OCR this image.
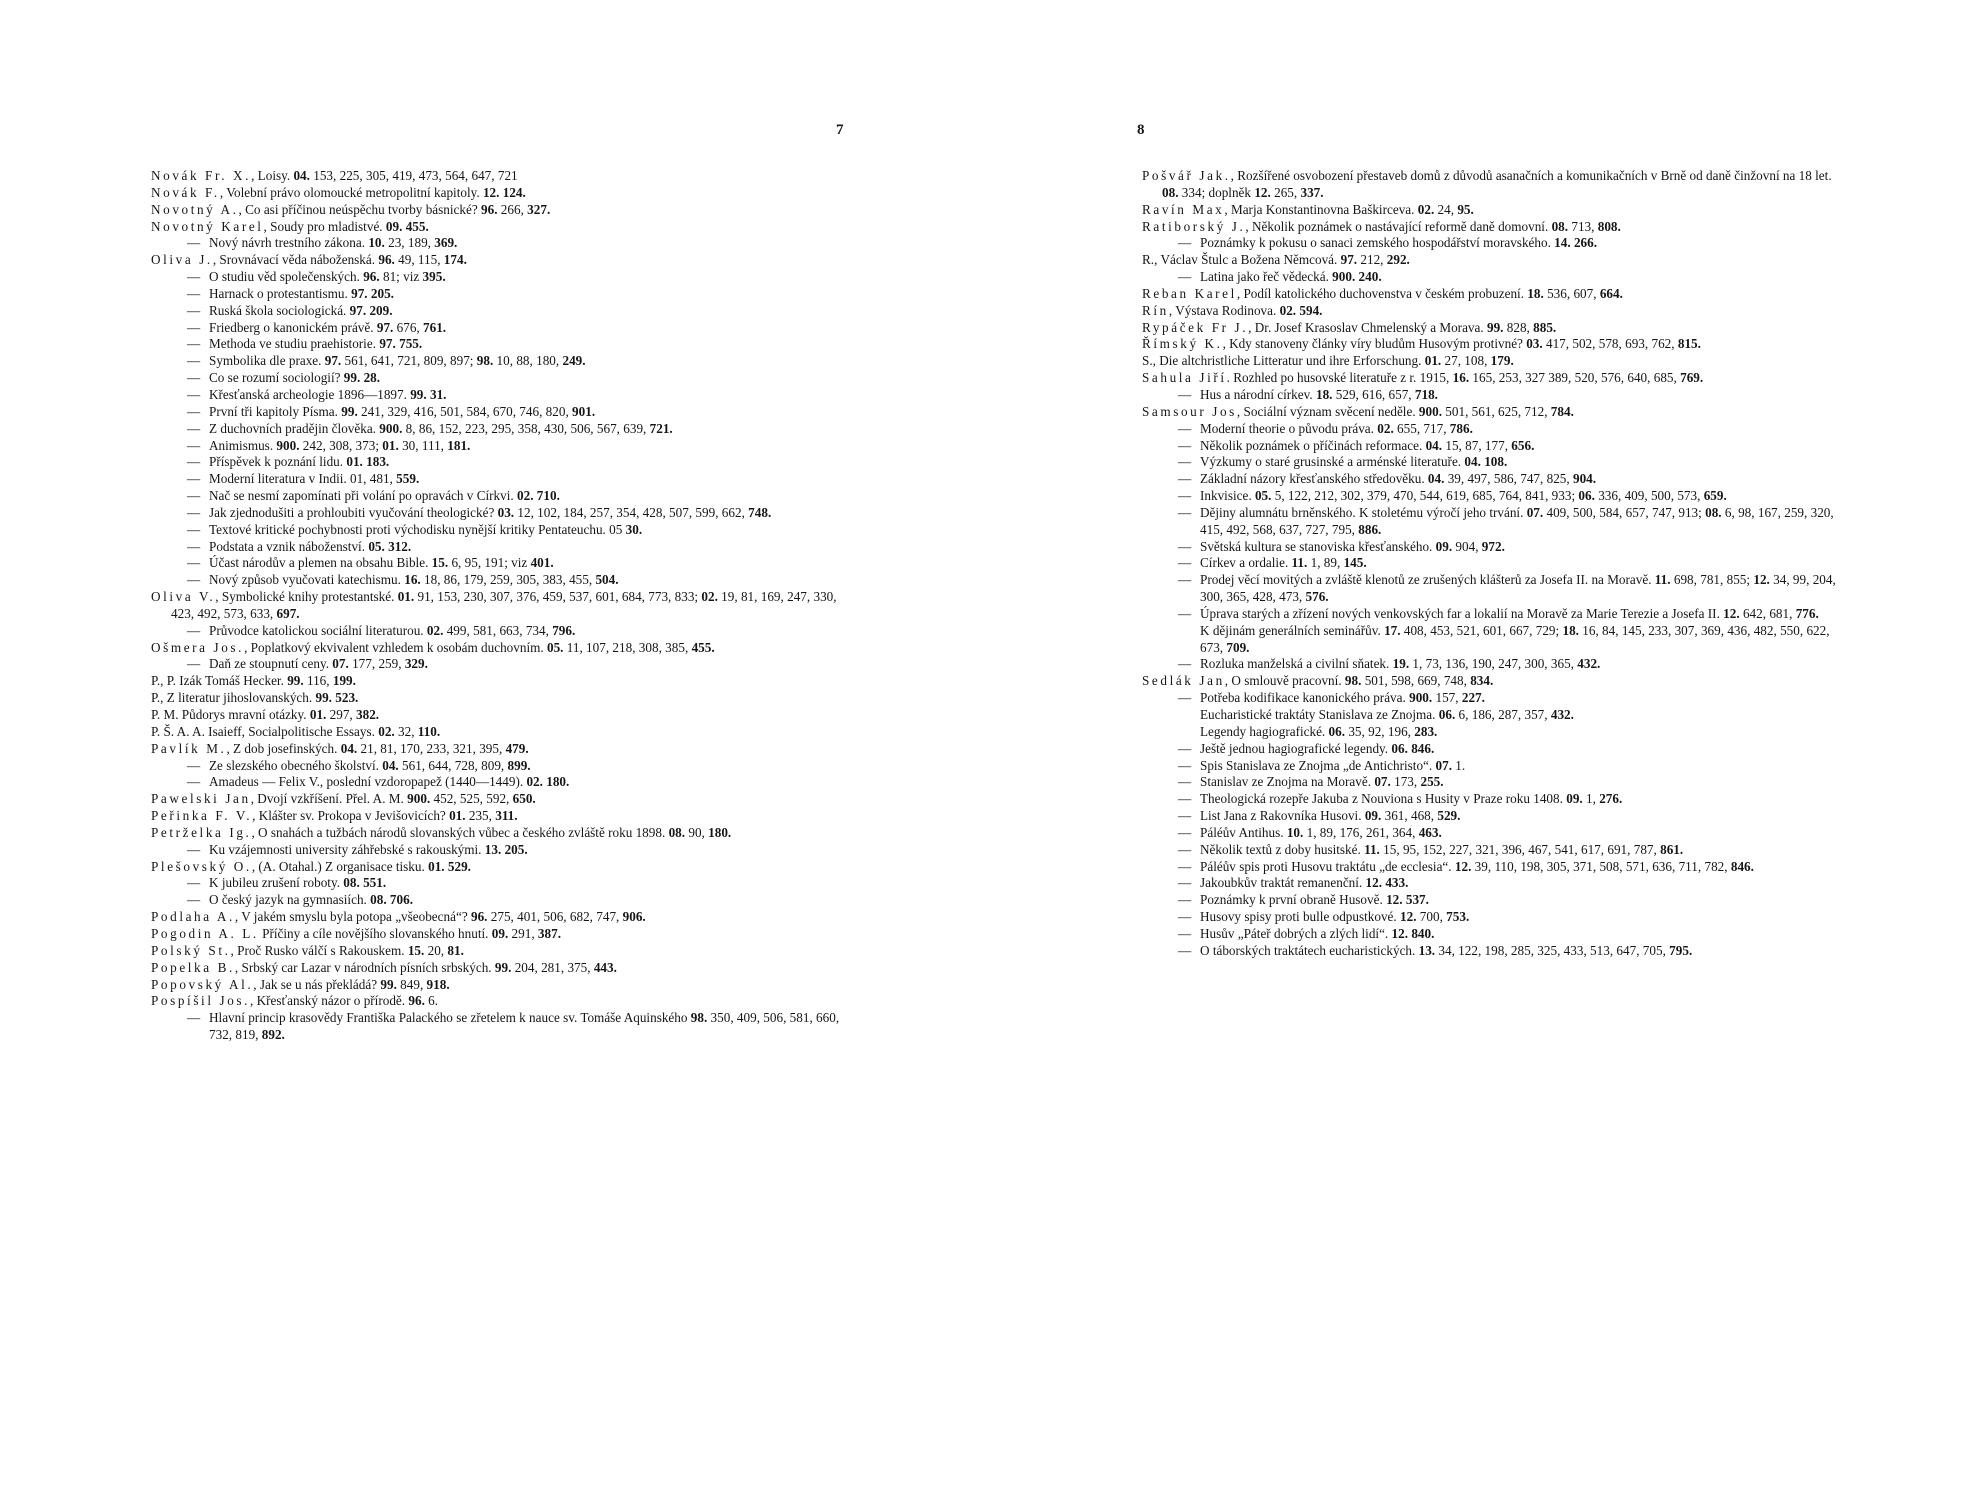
7

Novák Fr. X., Loisy. 04. 153, 225, 305, 419, 473, 564, 647, 721

Novák F., Volební právo olomoucké metropolitní kapitoly. 12. 124.

Novotný A., Co asi příčinou neúspěchu tvorby básnické? 96. 266, 327.

Novotný Karel, Soudy pro mladistvé. 09. 455.

— Nový návrh trestního zákona. 10. 23, 189, 369.

Oliva J., Srovnávací věda náboženská. 96. 49, 115, 174.

— O studiu věd společenských. 96. 81; viz 395.

— Harnack o protestantismu. 97. 205.

— Ruská škola sociologická. 97. 209.

— Friedberg o kanonickém právě. 97. 676, 761.

— Methoda ve studiu praehistorie. 97. 755.

— Symbolika dle praxe. 97. 561, 641, 721, 809, 897; 98. 10, 88, 180, 249.

— Co se rozumí sociologií? 99. 28.

— Křesťanská archeologie 1896—1897. 99. 31.

— První tři kapitoly Písma. 99. 241, 329, 416, 501, 584, 670, 746, 820, 901.

— Z duchovních pradějin člověka. 900. 8, 86, 152, 223, 295, 358, 430, 506, 567, 639, 721.

— Animismus. 900. 242, 308, 373; 01. 30, 111, 181.

— Příspěvek k poznání lidu. 01. 183.

— Moderní literatura v Indii. 01, 481, 559.

— Nač se nesmí zapomínati při volání po opravách v Církvi. 02. 710.

— Jak zjednodušiti a prohloubiti vyučování theologické? 03. 12, 102, 184, 257, 354, 428, 507, 599, 662, 748.

— Textové kritické pochybnosti proti východisku nynější kritiky Pentateuchu. 05 30.

— Podstata a vznik náboženství. 05. 312.

— Účast národův a plemen na obsahu Bible. 15. 6, 95, 191; viz 401.

— Nový způsob vyučovati katechismu. 16. 18, 86, 179, 259, 305, 383, 455, 504.

Oliva V., Symbolické knihy protestantské. 01. 91, 153, 230, 307, 376, 459, 537, 601, 684, 773, 833; 02. 19, 81, 169, 247, 330, 423, 492, 573, 633, 697.

— Průvodce katolickou sociální literaturou. 02. 499, 581, 663, 734, 796.

Ošmera Jos., Poplatkový ekvivalent vzhledem k osobám duchovním. 05. 11, 107, 218, 308, 385, 455.

— Daň ze stoupnutí ceny. 07. 177, 259, 329.

P., P. Izák Tomáš Hecker. 99. 116, 199.

P., Z literatur jihoslovanských. 99. 523.

P. M. Půdorys mravní otázky. 01. 297, 382.

P. Š. A. A. Isaieff, Socialpolitische Essays. 02. 32, 110.

Pavlík M., Z dob josefinských. 04. 21, 81, 170, 233, 321, 395, 479.

— Ze slezského obecného školství. 04. 561, 644, 728, 809, 899.

— Amadeus — Felix V., poslední vzdoropapež (1440—1449). 02. 180.

Pawelski Jan, Dvojí vzkříšení. Přel. A. M. 900. 452, 525, 592, 650.

Peřinka F. V., Klášter sv. Prokopa v Jevišovicích? 01. 235, 311.

Petrželka Ig., O snahách a tužbách národů slovanských vůbec a českého zvláště roku 1898. 08. 90, 180.

— Ku vzájemnosti university záhřebské s rakouskými. 13. 205.

Plešovský O., (A. Otahal.) Z organisace tisku. 01. 529.

— K jubileu zrušení roboty. 08. 551.

— O český jazyk na gymnasiích. 08. 706.

Podlaha A., V jakém smyslu byla potopa „všeobecná“? 96. 275, 401, 506, 682, 747, 906.

Pogodin A. L. Příčiny a cíle novějšího slovanského hnutí. 09. 291, 387.

Polský St., Proč Rusko válčí s Rakouskem. 15. 20, 81.

Popelka B., Srbský car Lazar v národních písních srbských. 99. 204, 281, 375, 443.

Popovský Al., Jak se u nás překládá? 99. 849, 918.

Pospíšil Jos., Křesťanský názor o přírodě. 96. 6.

— Hlavní princip krasovědy Františka Palackého se zřetelem k nauce sv. Tomáše Aquinského 98. 350, 409, 506, 581, 660, 732, 819, 892.

8

Pošvář Jak., Rozšířené osvobození přestaveb domů z důvodů asanačních a komunikačních v Brně od daně činžovní na 18 let. 08. 334; doplněk 12. 265, 337.

Ravín Max, Marja Konstantinovna Baškirceva. 02. 24, 95.

Ratiborský J., Několik poznámek o nastávající reformě daně domovní. 08. 713, 808.

— Poznámky k pokusu o sanaci zemského hospodářství moravského. 14. 266.

R., Václav Štulc a Božena Němcová. 97. 212, 292.

— Latina jako řeč vědecká. 900. 240.

Reban Karel, Podíl katolického duchovenstva v českém probuzení. 18. 536, 607, 664.

Rín, Výstava Rodinova. 02. 594.

Rypáček Fr J., Dr. Josef Krasoslav Chmelenský a Morava. 99. 828, 885.

Římský K., Kdy stanoveny články víry bludům Husovým protivné? 03. 417, 502, 578, 693, 762, 815.

S., Die altchristliche Litteratur und ihre Erforschung. 01. 27, 108, 179.

Sahula Jiří. Rozhled po husovské literatuře z r. 1915, 16. 165, 253, 327 389, 520, 576, 640, 685, 769.

— Hus a národní církev. 18. 529, 616, 657, 718.

Samsour Jos, Sociální význam svěcení neděle. 900. 501, 561, 625, 712, 784.

— Moderní theorie o původu práva. 02. 655, 717, 786.

— Několik poznámek o příčinách reformace. 04. 15, 87, 177, 656.

— Výzkumy o staré grusinské a arménské literatuře. 04. 108.

— Základní názory křesťanského středověku. 04. 39, 497, 586, 747, 825, 904.

— Inkvisice. 05. 5, 122, 212, 302, 379, 470, 544, 619, 685, 764, 841, 933; 06. 336, 409, 500, 573, 659.

— Dějiny alumnátu brněnského. K stoletému výročí jeho trvání. 07. 409, 500, 584, 657, 747, 913; 08. 6, 98, 167, 259, 320, 415, 492, 568, 637, 727, 795, 886.

— Světská kultura se stanoviska křesťanského. 09. 904, 972.

— Církev a ordalie. 11. 1, 89, 145.

— Prodej věcí movitých a zvláště klenotů ze zrušených klášterů za Josefa II. na Moravě. 11. 698, 781, 855; 12. 34, 99, 204, 300, 365, 428, 473, 576.

— Úprava starých a zřízení nových venkovských far a lokalií na Moravě za Marie Terezie a Josefa II. 12. 642, 681, 776.

K dějinám generálních seminářův. 17. 408, 453, 521, 601, 667, 729; 18. 16, 84, 145, 233, 307, 369, 436, 482, 550, 622, 673, 709.

— Rozluka manželská a civilní sňatek. 19. 1, 73, 136, 190, 247, 300, 365, 432.

Sedlák Jan, O smlouvě pracovní. 98. 501, 598, 669, 748, 834.

— Potřeba kodifikace kanonického práva. 900. 157, 227.

Eucharistické traktáty Stanislava ze Znojma. 06. 6, 186, 287, 357, 432.

Legendy hagiografické. 06. 35, 92, 196, 283.

— Ještě jednou hagiografické legendy. 06. 846.

— Spis Stanislava ze Znojma „de Antichristo“. 07. 1.

— Stanislav ze Znojma na Moravě. 07. 173, 255.

— Theologická rozepře Jakuba z Nouviona s Husity v Praze roku 1408. 09. 1, 276.

— List Jana z Rakovníka Husovi. 09. 361, 468, 529.

— Páléův Antihus. 10. 1, 89, 176, 261, 364, 463.

— Několik textů z doby husitské. 11. 15, 95, 152, 227, 321, 396, 467, 541, 617, 691, 787, 861.

— Páléův spis proti Husovu traktátu „de ecclesia“. 12. 39, 110, 198, 305, 371, 508, 571, 636, 711, 782, 846.

— Jakoubkův traktát remanenční. 12. 433.

— Poznámky k první obraně Husově. 12. 537.

— Husovy spisy proti bulle odpustkové. 12. 700, 753.

— Husův „Páteř dobrých a zlých lidí“. 12. 840.

— O táborských traktátech eucharistických. 13. 34, 122, 198, 285, 325, 433, 513, 647, 705, 795.
